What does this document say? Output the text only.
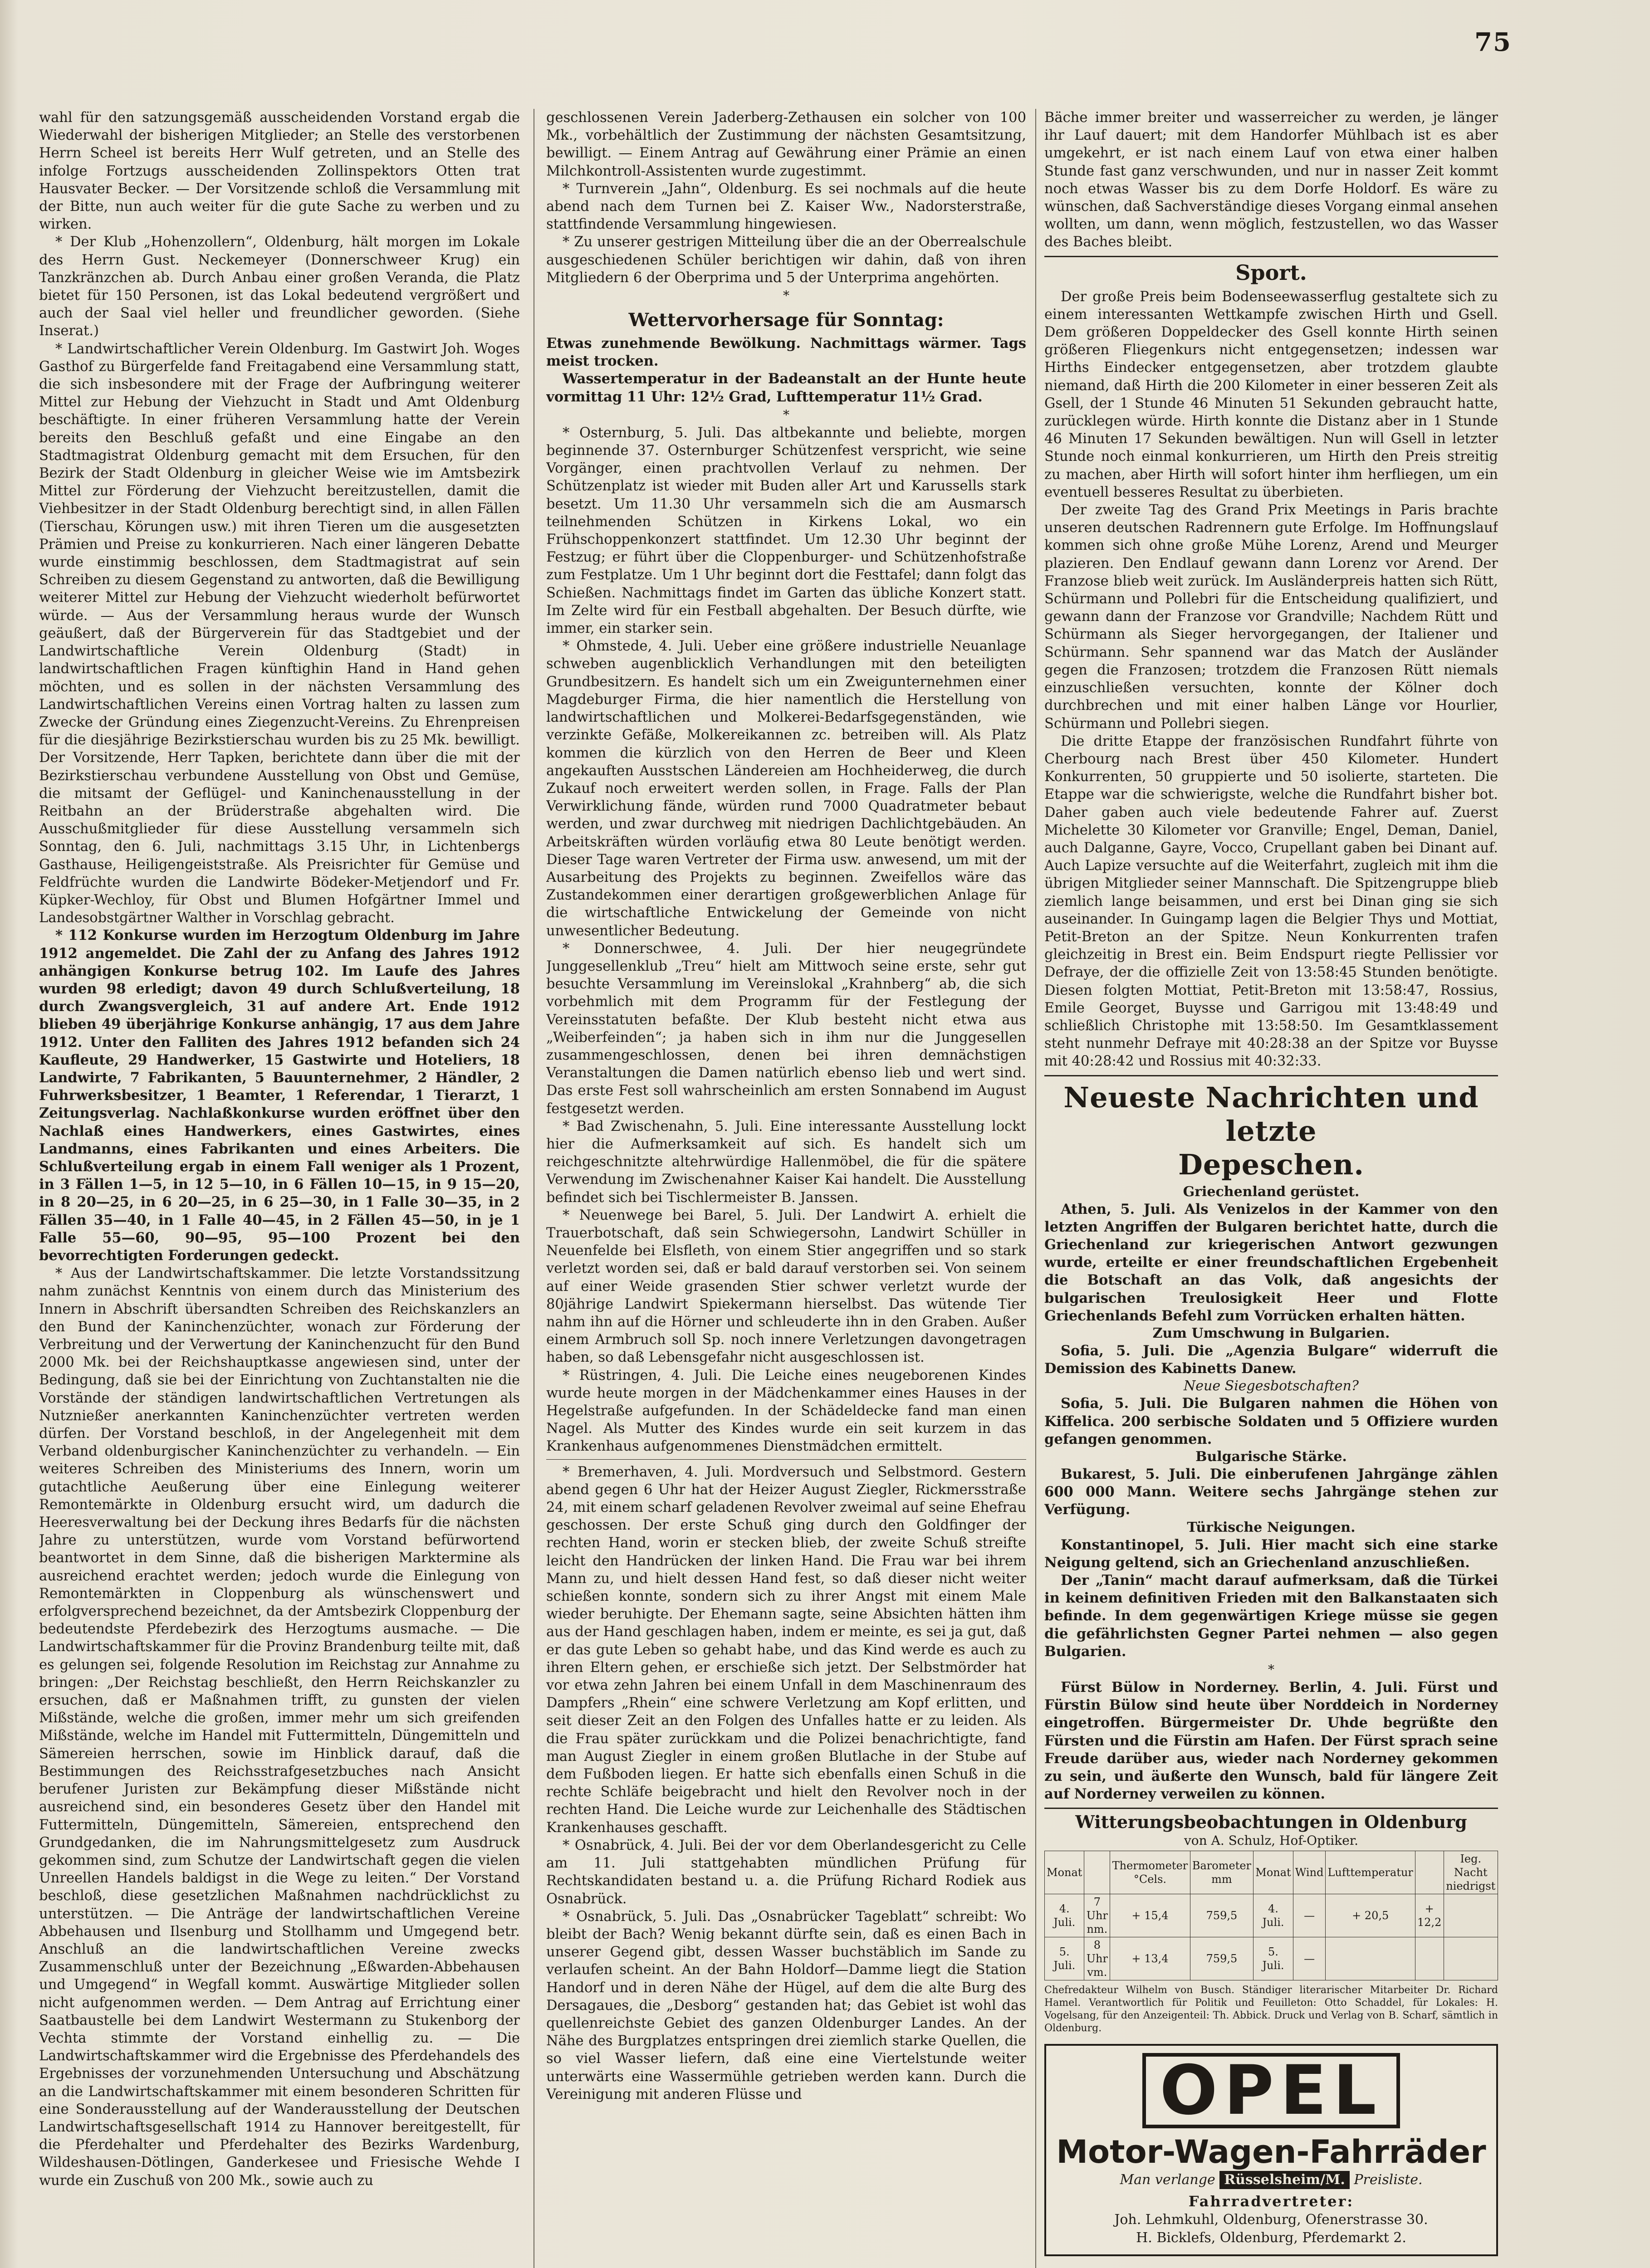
75

wahl für den satzungsgemäß ausscheidenden Vorstand ergab die Wiederwahl der bisherigen Mitglieder; an Stelle des verstorbenen Herrn Scheel ist bereits Herr Wulf getreten, und an Stelle des infolge Fortzugs ausscheidenden Zollinspektors Otten trat Hausvater Becker. — Der Vorsitzende schloß die Versammlung mit der Bitte, nun auch weiter für die gute Sache zu werben und zu wirken.

* Der Klub „Hohenzollern“, Oldenburg, hält morgen im Lokale des Herrn Gust. Neckemeyer (Donnerschweer Krug) ein Tanzkränzchen ab. Durch Anbau einer großen Veranda, die Platz bietet für 150 Personen, ist das Lokal bedeutend vergrößert und auch der Saal viel heller und freundlicher geworden. (Siehe Inserat.)

* Landwirtschaftlicher Verein Oldenburg. Im Gastwirt Joh. Woges Gasthof zu Bürgerfelde fand Freitagabend eine Versammlung statt, die sich insbesondere mit der Frage der Aufbringung weiterer Mittel zur Hebung der Viehzucht in Stadt und Amt Oldenburg beschäftigte. In einer früheren Versammlung hatte der Verein bereits den Beschluß gefaßt und eine Eingabe an den Stadtmagistrat Oldenburg gemacht mit dem Ersuchen, für den Bezirk der Stadt Oldenburg in gleicher Weise wie im Amtsbezirk Mittel zur Förderung der Viehzucht bereitzustellen, damit die Viehbesitzer in der Stadt Oldenburg berechtigt sind, in allen Fällen (Tierschau, Körungen usw.) mit ihren Tieren um die ausgesetzten Prämien und Preise zu konkurrieren. Nach einer längeren Debatte wurde einstimmig beschlossen, dem Stadtmagistrat auf sein Schreiben zu diesem Gegenstand zu antworten, daß die Bewilligung weiterer Mittel zur Hebung der Viehzucht wiederholt befürwortet würde. — Aus der Versammlung heraus wurde der Wunsch geäußert, daß der Bürgerverein für das Stadtgebiet und der Landwirtschaftliche Verein Oldenburg (Stadt) in landwirtschaftlichen Fragen künftighin Hand in Hand gehen möchten, und es sollen in der nächsten Versammlung des Landwirtschaftlichen Vereins einen Vortrag halten zu lassen zum Zwecke der Gründung eines Ziegenzucht-Vereins. Zu Ehrenpreisen für die diesjährige Bezirkstierschau wurden bis zu 25 Mk. bewilligt. Der Vorsitzende, Herr Tapken, berichtete dann über die mit der Bezirkstierschau verbundene Ausstellung von Obst und Gemüse, die mitsamt der Geflügel- und Kaninchenausstellung in der Reitbahn an der Brüderstraße abgehalten wird. Die Ausschußmitglieder für diese Ausstellung versammeln sich Sonntag, den 6. Juli, nachmittags 3.15 Uhr, in Lichtenbergs Gasthause, Heiligengeiststraße. Als Preisrichter für Gemüse und Feldfrüchte wurden die Landwirte Bödeker-Metjendorf und Fr. Küpker-Wechloy, für Obst und Blumen Hofgärtner Immel und Landesobstgärtner Walther in Vorschlag gebracht.

* 112 Konkurse wurden im Herzogtum Oldenburg im Jahre 1912 angemeldet. Die Zahl der zu Anfang des Jahres 1912 anhängigen Konkurse betrug 102. Im Laufe des Jahres wurden 98 erledigt; davon 49 durch Schlußverteilung, 18 durch Zwangsvergleich, 31 auf andere Art. Ende 1912 blieben 49 überjährige Konkurse anhängig, 17 aus dem Jahre 1912. Unter den Falliten des Jahres 1912 befanden sich 24 Kaufleute, 29 Handwerker, 15 Gastwirte und Hoteliers, 18 Landwirte, 7 Fabrikanten, 5 Bauunternehmer, 2 Händler, 2 Fuhrwerksbesitzer, 1 Beamter, 1 Referendar, 1 Tierarzt, 1 Zeitungsverlag. Nachlaßkonkurse wurden eröffnet über den Nachlaß eines Handwerkers, eines Gastwirtes, eines Landmanns, eines Fabrikanten und eines Arbeiters. Die Schlußverteilung ergab in einem Fall weniger als 1 Prozent, in 3 Fällen 1—5, in 12 5—10, in 6 Fällen 10—15, in 9 15—20, in 8 20—25, in 6 20—25, in 6 25—30, in 1 Falle 30—35, in 2 Fällen 35—40, in 1 Falle 40—45, in 2 Fällen 45—50, in je 1 Falle 55—60, 90—95, 95—100 Prozent bei den bevorrechtigten Forderungen gedeckt.

* Aus der Landwirtschaftskammer. Die letzte Vorstandssitzung nahm zunächst Kenntnis von einem durch das Ministerium des Innern in Abschrift übersandten Schreiben des Reichskanzlers an den Bund der Kaninchenzüchter, wonach zur Förderung der Verbreitung und der Verwertung der Kaninchenzucht für den Bund 2000 Mk. bei der Reichshauptkasse angewiesen sind, unter der Bedingung, daß sie bei der Einrichtung von Zuchtanstalten nie die Vorstände der ständigen landwirtschaftlichen Vertretungen als Nutznießer anerkannten Kaninchenzüchter vertreten werden dürfen. Der Vorstand beschloß, in der Angelegenheit mit dem Verband oldenburgischer Kaninchenzüchter zu verhandeln. — Ein weiteres Schreiben des Ministeriums des Innern, worin um gutachtliche Aeußerung über eine Einlegung weiterer Remontemärkte in Oldenburg ersucht wird, um dadurch die Heeresverwaltung bei der Deckung ihres Bedarfs für die nächsten Jahre zu unterstützen, wurde vom Vorstand befürwortend beantwortet in dem Sinne, daß die bisherigen Marktermine als ausreichend erachtet werden; jedoch wurde die Einlegung von Remontemärkten in Cloppenburg als wünschenswert und erfolgversprechend bezeichnet, da der Amtsbezirk Cloppenburg der bedeutendste Pferdebezirk des Herzogtums ausmache. — Die Landwirtschaftskammer für die Provinz Brandenburg teilte mit, daß es gelungen sei, folgende Resolution im Reichstag zur Annahme zu bringen: „Der Reichstag beschließt, den Herrn Reichskanzler zu ersuchen, daß er Maßnahmen trifft, zu gunsten der vielen Mißstände, welche die großen, immer mehr um sich greifenden Mißstände, welche im Handel mit Futtermitteln, Düngemitteln und Sämereien herrschen, sowie im Hinblick darauf, daß die Bestimmungen des Reichsstrafgesetzbuches nach Ansicht berufener Juristen zur Bekämpfung dieser Mißstände nicht ausreichend sind, ein besonderes Gesetz über den Handel mit Futtermitteln, Düngemitteln, Sämereien, entsprechend den Grundgedanken, die im Nahrungsmittelgesetz zum Ausdruck gekommen sind, zum Schutze der Landwirtschaft gegen die vielen Unreellen Handels baldigst in die Wege zu leiten.“ Der Vorstand beschloß, diese gesetzlichen Maßnahmen nachdrücklichst zu unterstützen. — Die Anträge der landwirtschaftlichen Vereine Abbehausen und Ilsenburg und Stollhamm und Umgegend betr. Anschluß an die landwirtschaftlichen Vereine zwecks Zusammenschluß unter der Bezeichnung „Eßwarden-Abbehausen und Umgegend“ in Wegfall kommt. Auswärtige Mitglieder sollen nicht aufgenommen werden. — Dem Antrag auf Errichtung einer Saatbaustelle bei dem Landwirt Westermann zu Stukenborg der Vechta stimmte der Vorstand einhellig zu. — Die Landwirtschaftskammer wird die Ergebnisse des Pferdehandels des Ergebnisses der vorzunehmenden Untersuchung und Abschätzung an die Landwirtschaftskammer mit einem besonderen Schritten für eine Sonderausstellung auf der Wanderausstellung der Deutschen Landwirtschaftsgesellschaft 1914 zu Hannover bereitgestellt, für die Pferdehalter und Pferdehalter des Bezirks Wardenburg, Wildeshausen-Dötlingen, Ganderkesee und Friesische Wehde I wurde ein Zuschuß von 200 Mk., sowie auch zu

geschlossenen Verein Jaderberg-Zethausen ein solcher von 100 Mk., vorbehältlich der Zustimmung der nächsten Gesamtsitzung, bewilligt. — Einem Antrag auf Gewährung einer Prämie an einen Milchkontroll-Assistenten wurde zugestimmt.

* Turnverein „Jahn“, Oldenburg. Es sei nochmals auf die heute abend nach dem Turnen bei Z. Kaiser Ww., Nadorsterstraße, stattfindende Versammlung hingewiesen.

* Zu unserer gestrigen Mitteilung über die an der Oberrealschule ausgeschiedenen Schüler berichtigen wir dahin, daß von ihren Mitgliedern 6 der Oberprima und 5 der Unterprima angehörten.

*
Wettervorhersage für Sonntag:

Etwas zunehmende Bewölkung. Nachmittags wärmer. Tags meist trocken.

Wassertemperatur in der Badeanstalt an der Hunte heute vormittag 11 Uhr: 12½ Grad, Lufttemperatur 11½ Grad.

*

* Osternburg, 5. Juli. Das altbekannte und beliebte, morgen beginnende 37. Osternburger Schützenfest verspricht, wie seine Vorgänger, einen prachtvollen Verlauf zu nehmen. Der Schützenplatz ist wieder mit Buden aller Art und Karussells stark besetzt. Um 11.30 Uhr versammeln sich die am Ausmarsch teilnehmenden Schützen in Kirkens Lokal, wo ein Frühschoppenkonzert stattfindet. Um 12.30 Uhr beginnt der Festzug; er führt über die Cloppenburger- und Schützenhofstraße zum Festplatze. Um 1 Uhr beginnt dort die Festtafel; dann folgt das Schießen. Nachmittags findet im Garten das übliche Konzert statt. Im Zelte wird für ein Festball abgehalten. Der Besuch dürfte, wie immer, ein starker sein.

* Ohmstede, 4. Juli. Ueber eine größere industrielle Neuanlage schweben augenblicklich Verhandlungen mit den beteiligten Grundbesitzern. Es handelt sich um ein Zweigunternehmen einer Magdeburger Firma, die hier namentlich die Herstellung von landwirtschaftlichen und Molkerei-Bedarfsgegenständen, wie verzinkte Gefäße, Molkereikannen zc. betreiben will. Als Platz kommen die kürzlich von den Herren de Beer und Kleen angekauften Ausstschen Ländereien am Hochheiderweg, die durch Zukauf noch erweitert werden sollen, in Frage. Falls der Plan Verwirklichung fände, würden rund 7000 Quadratmeter bebaut werden, und zwar durchweg mit niedrigen Dachlichtgebäuden. An Arbeitskräften würden vorläufig etwa 80 Leute benötigt werden. Dieser Tage waren Vertreter der Firma usw. anwesend, um mit der Ausarbeitung des Projekts zu beginnen. Zweifellos wäre das Zustandekommen einer derartigen großgewerblichen Anlage für die wirtschaftliche Entwickelung der Gemeinde von nicht unwesentlicher Bedeutung.

* Donnerschwee, 4. Juli. Der hier neugegründete Junggesellenklub „Treu“ hielt am Mittwoch seine erste, sehr gut besuchte Versammlung im Vereinslokal „Krahnberg“ ab, die sich vorbehmlich mit dem Programm für der Festlegung der Vereinsstatuten befaßte. Der Klub besteht nicht etwa aus „Weiberfeinden“; ja haben sich in ihm nur die Junggesellen zusammengeschlossen, denen bei ihren demnächstigen Veranstaltungen die Damen natürlich ebenso lieb und wert sind. Das erste Fest soll wahrscheinlich am ersten Sonnabend im August festgesetzt werden.

* Bad Zwischenahn, 5. Juli. Eine interessante Ausstellung lockt hier die Aufmerksamkeit auf sich. Es handelt sich um reichgeschnitzte altehrwürdige Hallenmöbel, die für die spätere Verwendung im Zwischenahner Kaiser Kai handelt. Die Ausstellung befindet sich bei Tischlermeister B. Janssen.

* Neuenwege bei Barel, 5. Juli. Der Landwirt A. erhielt die Trauerbotschaft, daß sein Schwiegersohn, Landwirt Schüller in Neuenfelde bei Elsfleth, von einem Stier angegriffen und so stark verletzt worden sei, daß er bald darauf verstorben sei. Von seinem auf einer Weide grasenden Stier schwer verletzt wurde der 80jährige Landwirt Spiekermann hierselbst. Das wütende Tier nahm ihn auf die Hörner und schleuderte ihn in den Graben. Außer einem Armbruch soll Sp. noch innere Verletzungen davongetragen haben, so daß Lebensgefahr nicht ausgeschlossen ist.

* Rüstringen, 4. Juli. Die Leiche eines neugeborenen Kindes wurde heute morgen in der Mädchenkammer eines Hauses in der Hegelstraße aufgefunden. In der Schädeldecke fand man einen Nagel. Als Mutter des Kindes wurde ein seit kurzem in das Krankenhaus aufgenommenes Dienstmädchen ermittelt.

* Bremerhaven, 4. Juli. Mordversuch und Selbstmord. Gestern abend gegen 6 Uhr hat der Heizer August Ziegler, Rickmersstraße 24, mit einem scharf geladenen Revolver zweimal auf seine Ehefrau geschossen. Der erste Schuß ging durch den Goldfinger der rechten Hand, worin er stecken blieb, der zweite Schuß streifte leicht den Handrücken der linken Hand. Die Frau war bei ihrem Mann zu, und hielt dessen Hand fest, so daß dieser nicht weiter schießen konnte, sondern sich zu ihrer Angst mit einem Male wieder beruhigte. Der Ehemann sagte, seine Absichten hätten ihm aus der Hand geschlagen haben, indem er meinte, es sei ja gut, daß er das gute Leben so gehabt habe, und das Kind werde es auch zu ihren Eltern gehen, er erschieße sich jetzt. Der Selbstmörder hat vor etwa zehn Jahren bei einem Unfall in dem Maschinenraum des Dampfers „Rhein“ eine schwere Verletzung am Kopf erlitten, und seit dieser Zeit an den Folgen des Unfalles hatte er zu leiden. Als die Frau später zurückkam und die Polizei benachrichtigte, fand man August Ziegler in einem großen Blutlache in der Stube auf dem Fußboden liegen. Er hatte sich ebenfalls einen Schuß in die rechte Schläfe beigebracht und hielt den Revolver noch in der rechten Hand. Die Leiche wurde zur Leichenhalle des Städtischen Krankenhauses geschafft.

* Osnabrück, 4. Juli. Bei der vor dem Oberlandesgericht zu Celle am 11. Juli stattgehabten mündlichen Prüfung für Rechtskandidaten bestand u. a. die Prüfung Richard Rodiek aus Osnabrück.

* Osnabrück, 5. Juli. Das „Osnabrücker Tageblatt“ schreibt: Wo bleibt der Bach? Wenig bekannt dürfte sein, daß es einen Bach in unserer Gegend gibt, dessen Wasser buchstäblich im Sande zu verlaufen scheint. An der Bahn Holdorf—Damme liegt die Station Handorf und in deren Nähe der Hügel, auf dem die alte Burg des Dersagaues, die „Desborg“ gestanden hat; das Gebiet ist wohl das quellenreichste Gebiet des ganzen Oldenburger Landes. An der Nähe des Burgplatzes entspringen drei ziemlich starke Quellen, die so viel Wasser liefern, daß eine eine Viertelstunde weiter unterwärts eine Wassermühle getrieben werden kann. Durch die Vereinigung mit anderen Flüsse und

Bäche immer breiter und wasserreicher zu werden, je länger ihr Lauf dauert; mit dem Handorfer Mühlbach ist es aber umgekehrt, er ist nach einem Lauf von etwa einer halben Stunde fast ganz verschwunden, und nur in nasser Zeit kommt noch etwas Wasser bis zu dem Dorfe Holdorf. Es wäre zu wünschen, daß Sachverständige dieses Vorgang einmal ansehen wollten, um dann, wenn möglich, festzustellen, wo das Wasser des Baches bleibt.

Sport.

Der große Preis beim Bodenseewasserflug gestaltete sich zu einem interessanten Wettkampfe zwischen Hirth und Gsell. Dem größeren Doppeldecker des Gsell konnte Hirth seinen größeren Fliegenkurs nicht entgegensetzen; indessen war Hirths Eindecker entgegensetzen, aber trotzdem glaubte niemand, daß Hirth die 200 Kilometer in einer besseren Zeit als Gsell, der 1 Stunde 46 Minuten 51 Sekunden gebraucht hatte, zurücklegen würde. Hirth konnte die Distanz aber in 1 Stunde 46 Minuten 17 Sekunden bewältigen. Nun will Gsell in letzter Stunde noch einmal konkurrieren, um Hirth den Preis streitig zu machen, aber Hirth will sofort hinter ihm herfliegen, um ein eventuell besseres Resultat zu überbieten.

Der zweite Tag des Grand Prix Meetings in Paris brachte unseren deutschen Radrennern gute Erfolge. Im Hoffnungslauf kommen sich ohne große Mühe Lorenz, Arend und Meurger plazieren. Den Endlauf gewann dann Lorenz vor Arend. Der Franzose blieb weit zurück. Im Ausländerpreis hatten sich Rütt, Schürmann und Pollebri für die Entscheidung qualifiziert, und gewann dann der Franzose vor Grandville; Nachdem Rütt und Schürmann als Sieger hervorgegangen, der Italiener und Schürmann. Sehr spannend war das Match der Ausländer gegen die Franzosen; trotzdem die Franzosen Rütt niemals einzuschließen versuchten, konnte der Kölner doch durchbrechen und mit einer halben Länge vor Hourlier, Schürmann und Pollebri siegen.

Die dritte Etappe der französischen Rundfahrt führte von Cherbourg nach Brest über 450 Kilometer. Hundert Konkurrenten, 50 gruppierte und 50 isolierte, starteten. Die Etappe war die schwierigste, welche die Rundfahrt bisher bot. Daher gaben auch viele bedeutende Fahrer auf. Zuerst Michelette 30 Kilometer vor Granville; Engel, Deman, Daniel, auch Dalganne, Gayre, Vocco, Crupellant gaben bei Dinant auf. Auch Lapize versuchte auf die Weiterfahrt, zugleich mit ihm die übrigen Mitglieder seiner Mannschaft. Die Spitzengruppe blieb ziemlich lange beisammen, und erst bei Dinan ging sie sich auseinander. In Guingamp lagen die Belgier Thys und Mottiat, Petit-Breton an der Spitze. Neun Konkurrenten trafen gleichzeitig in Brest ein. Beim Endspurt riegte Pellissier vor Defraye, der die offizielle Zeit von 13:58:45 Stunden benötigte. Diesen folgten Mottiat, Petit-Breton mit 13:58:47, Rossius, Emile Georget, Buysse und Garrigou mit 13:48:49 und schließlich Christophe mit 13:58:50. Im Gesamtklassement steht nunmehr Defraye mit 40:28:38 an der Spitze vor Buysse mit 40:28:42 und Rossius mit 40:32:33.

Neueste Nachrichten und letzte
Depeschen.
Griechenland gerüstet.

Athen, 5. Juli. Als Venizelos in der Kammer von den letzten Angriffen der Bulgaren berichtet hatte, durch die Griechenland zur kriegerischen Antwort gezwungen wurde, erteilte er einer freundschaftlichen Ergebenheit die Botschaft an das Volk, daß angesichts der bulgarischen Treulosigkeit Heer und Flotte Griechenlands Befehl zum Vorrücken erhalten hätten.

Zum Umschwung in Bulgarien.

Sofia, 5. Juli. Die „Agenzia Bulgare“ widerruft die Demission des Kabinetts Danew.

Neue Siegesbotschaften?

Sofia, 5. Juli. Die Bulgaren nahmen die Höhen von Kiffelica. 200 serbische Soldaten und 5 Offiziere wurden gefangen genommen.

Bulgarische Stärke.

Bukarest, 5. Juli. Die einberufenen Jahrgänge zählen 600 000 Mann. Weitere sechs Jahrgänge stehen zur Verfügung.

Türkische Neigungen.

Konstantinopel, 5. Juli. Hier macht sich eine starke Neigung geltend, sich an Griechenland anzuschließen.

Der „Tanin“ macht darauf aufmerksam, daß die Türkei in keinem definitiven Frieden mit den Balkanstaaten sich befinde. In dem gegenwärtigen Kriege müsse sie gegen die gefährlichsten Gegner Partei nehmen — also gegen Bulgarien.

*

Fürst Bülow in Norderney. Berlin, 4. Juli. Fürst und Fürstin Bülow sind heute über Norddeich in Norderney eingetroffen. Bürgermeister Dr. Uhde begrüßte den Fürsten und die Fürstin am Hafen. Der Fürst sprach seine Freude darüber aus, wieder nach Norderney gekommen zu sein, und äußerte den Wunsch, bald für längere Zeit auf Norderney verweilen zu können.

Witterungsbeobachtungen in Oldenburg
von A. Schulz, Hof-Optiker.
Monat		Thermometer °Cels.	Barometer mm	Monat	Wind	Lufttemperatur		Ieg. Nacht niedrigst
4. Juli.	7 Uhr nm.	+ 15,4	759,5	4. Juli.	—	+ 20,5	+ 12,2	
5. Juli.	8 Uhr vm.	+ 13,4	759,5	5. Juli.	—			
Chefredakteur Wilhelm von Busch. Ständiger literarischer Mitarbeiter Dr. Richard Hamel. Verantwortlich für Politik und Feuilleton: Otto Schaddel, für Lokales: H. Vogelsang, für den Anzeigenteil: Th. Abbick. Druck und Verlag von B. Scharf, sämtlich in Oldenburg.
OPEL
Motor-Wagen-Fahrräder
Man verlange Rüsselsheim/M. Preisliste.
Fahrradvertreter:
Joh. Lehmkuhl, Oldenburg, Ofenerstrasse 30.
H. Bicklefs, Oldenburg, Pferdemarkt 2.
